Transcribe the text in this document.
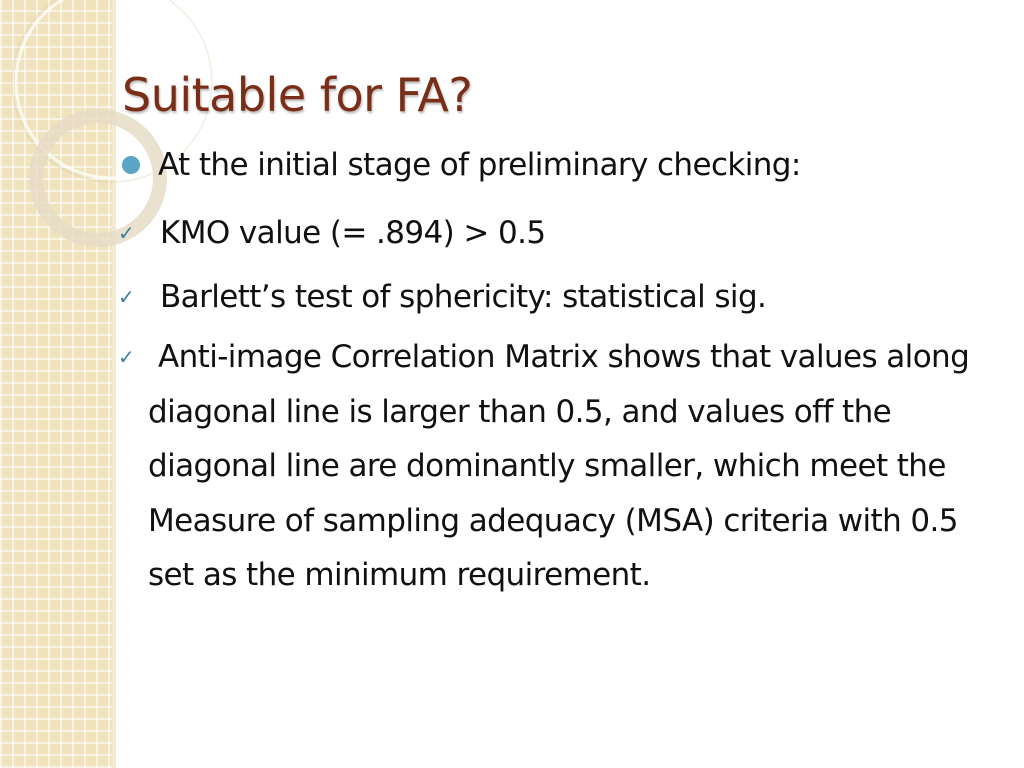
Suitable for FA?
At the initial stage of preliminary checking:
✓ KMO value (= .894) > 0.5
✓ Barlett’s test of sphericity: statistical sig.
✓ Anti-image Correlation Matrix shows that values along diagonal line is larger than 0.5, and values off the diagonal line are dominantly smaller, which meet the Measure of sampling adequacy (MSA) criteria with 0.5 set as the minimum requirement.
